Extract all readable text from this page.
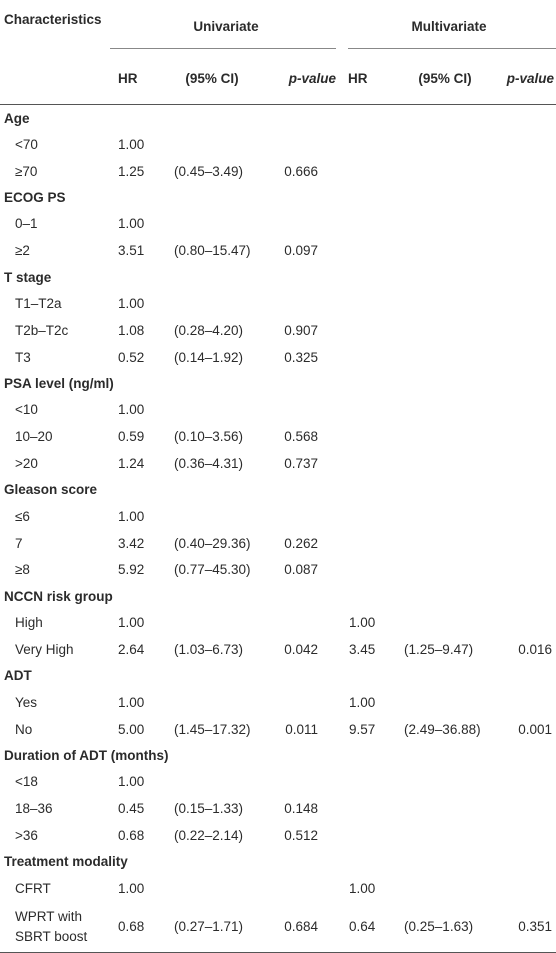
Characteristics	Univariate			Multivariate		

	HR	(95% CI)	p-value	HR	(95% CI)	p-value
Age						
<70	1.00					
≥70	1.25	(0.45–3.49)	0.666			
ECOG PS						
0–1	1.00					
≥2	3.51	(0.80–15.47)	0.097			
T stage						
T1–T2a	1.00					
T2b–T2c	1.08	(0.28–4.20)	0.907			
T3	0.52	(0.14–1.92)	0.325			
PSA level (ng/ml)						
<10	1.00					
10–20	0.59	(0.10–3.56)	0.568			
>20	1.24	(0.36–4.31)	0.737			
Gleason score						
≤6	1.00					
7	3.42	(0.40–29.36)	0.262			
≥8	5.92	(0.77–45.30)	0.087			
NCCN risk group						
High	1.00			1.00		
Very High	2.64	(1.03–6.73)	0.042	3.45	(1.25–9.47)	0.016
ADT						
Yes	1.00			1.00		
No	5.00	(1.45–17.32)	0.011	9.57	(2.49–36.88)	0.001
Duration of ADT (months)						
<18	1.00					
18–36	0.45	(0.15–1.33)	0.148			
>36	0.68	(0.22–2.14)	0.512			
Treatment modality						
CFRT	1.00			1.00		
WPRT with SBRT boost	0.68	(0.27–1.71)	0.684	0.64	(0.25–1.63)	0.351
